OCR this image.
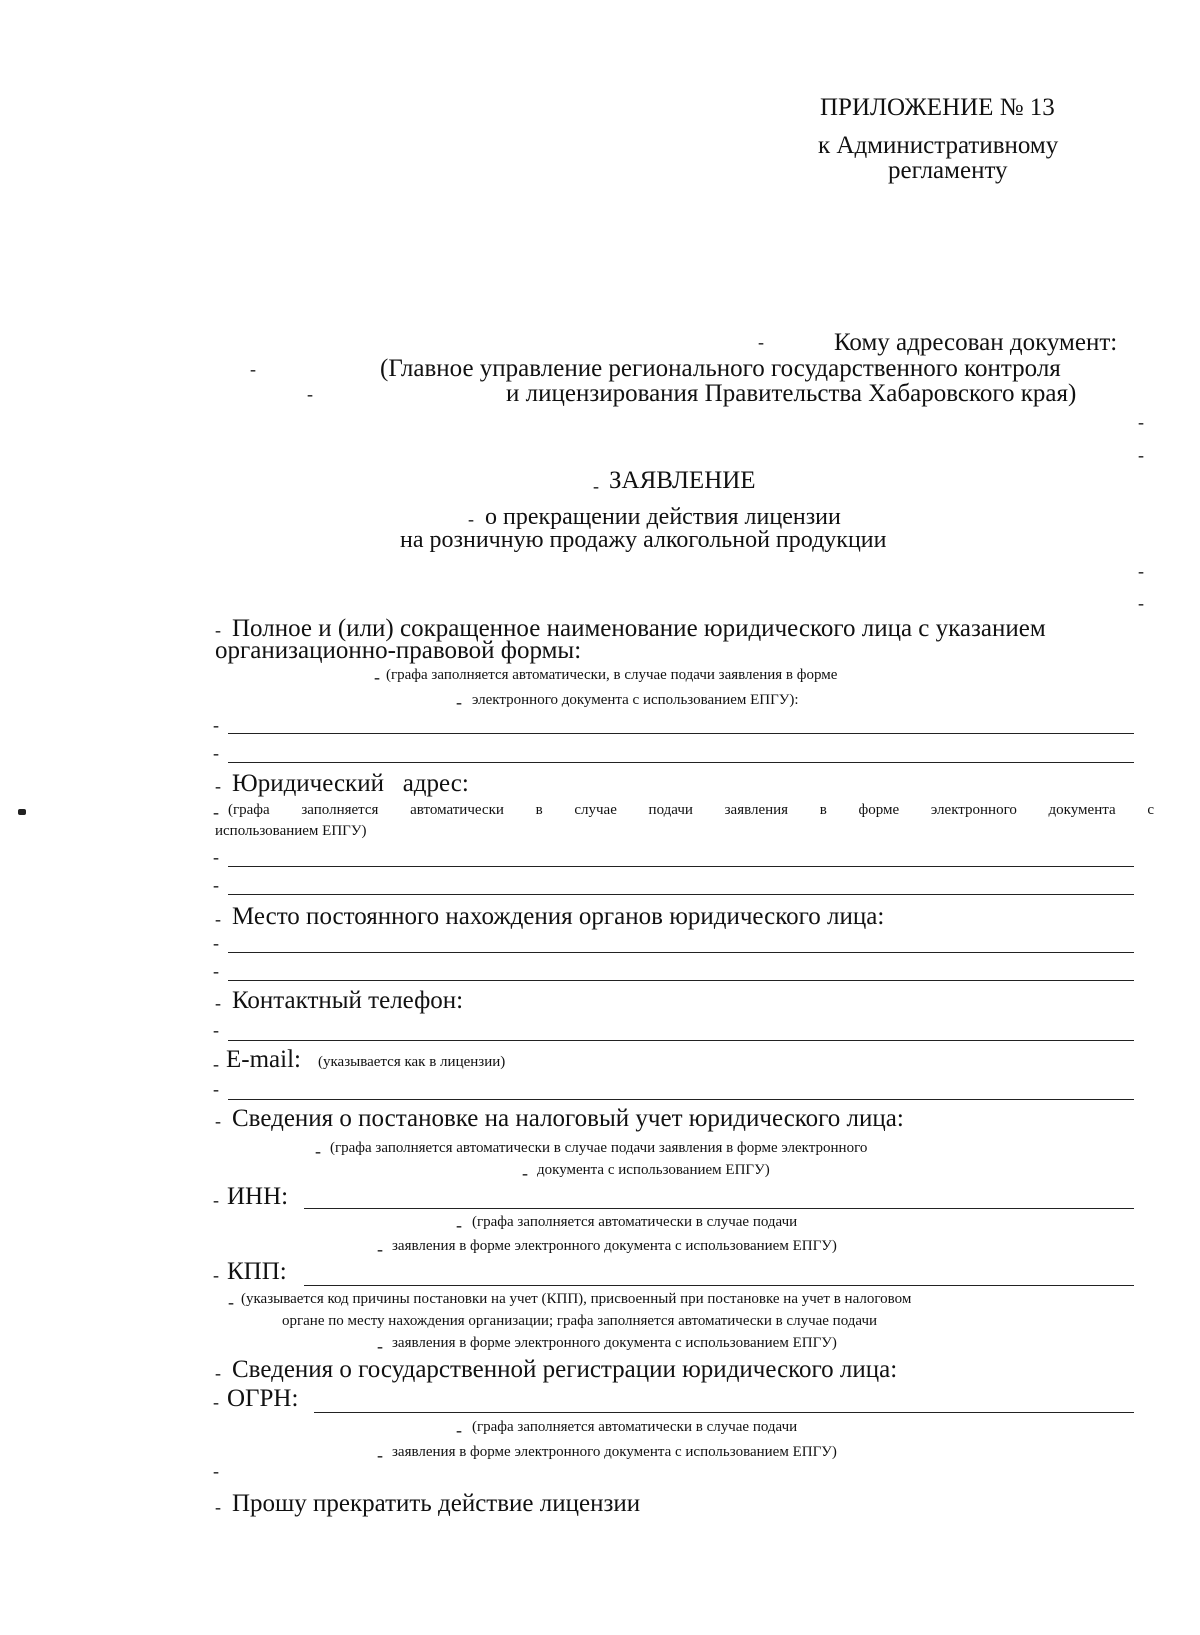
ПРИЛОЖЕНИЕ № 13
к Административному
регламенту
-	Кому адресован документ:
-	(Главное управление регионального государственного контроля
-	и лицензирования Правительства Хабаровского края)
-
-
- ЗАЯВЛЕНИЕ
- о прекращении действия лицензии
на розничную продажу алкогольной продукции
-
-
- Полное и (или) сокращенное наименование юридического лица с указанием
организационно-правовой формы:
- (графа заполняется автоматически, в случае подачи заявления в форме
- электронного документа с использованием ЕПГУ):
-
-
- Юридический   адрес:
- (графа заполняется автоматически в случае подачи заявления в форме электронного документа с
использованием ЕПГУ)
-
-
- Место постоянного нахождения органов юридического лица:
-
-
- Контактный телефон:
-
- E-mail: (указывается как в лицензии)
-
- Сведения о постановке на налоговый учет юридического лица:
- (графа заполняется автоматически в случае подачи заявления в форме электронного
- документа с использованием ЕПГУ)
- ИНН:
- (графа заполняется автоматически в случае подачи
- заявления в форме электронного документа с использованием ЕПГУ)
- КПП:
- (указывается код причины постановки на учет (КПП), присвоенный при постановке на учет в налоговом
органе по месту нахождения организации; графа заполняется автоматически в случае подачи
- заявления в форме электронного документа с использованием ЕПГУ)
- Сведения о государственной регистрации юридического лица:
- ОГРН:
- (графа заполняется автоматически в случае подачи
- заявления в форме электронного документа с использованием ЕПГУ)
-
- Прошу прекратить действие лицензии
